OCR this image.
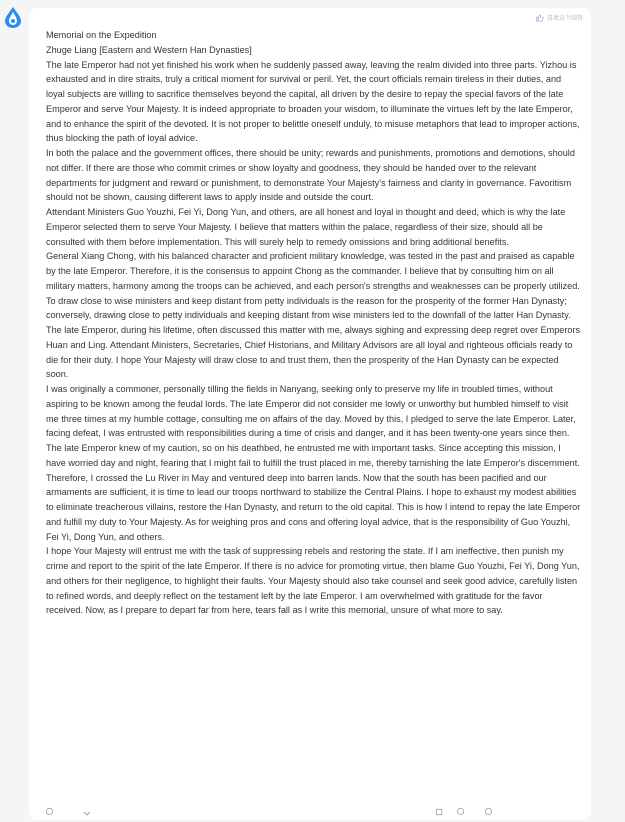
喜欢这个回答

Memorial on the Expedition

Zhuge Liang [Eastern and Western Han Dynasties]

The late Emperor had not yet finished his work when he suddenly passed away, leaving the realm divided into three parts. Yizhou is exhausted and in dire straits, truly a critical moment for survival or peril. Yet, the court officials remain tireless in their duties, and loyal subjects are willing to sacrifice themselves beyond the capital, all driven by the desire to repay the special favors of the late Emperor and serve Your Majesty. It is indeed appropriate to broaden your wisdom, to illuminate the virtues left by the late Emperor, and to enhance the spirit of the devoted. It is not proper to belittle oneself unduly, to misuse metaphors that lead to improper actions, thus blocking the path of loyal advice.

In both the palace and the government offices, there should be unity; rewards and punishments, promotions and demotions, should not differ. If there are those who commit crimes or show loyalty and goodness, they should be handed over to the relevant departments for judgment and reward or punishment, to demonstrate Your Majesty's fairness and clarity in governance. Favoritism should not be shown, causing different laws to apply inside and outside the court.

Attendant Ministers Guo Youzhi, Fei Yi, Dong Yun, and others, are all honest and loyal in thought and deed, which is why the late Emperor selected them to serve Your Majesty. I believe that matters within the palace, regardless of their size, should all be consulted with them before implementation. This will surely help to remedy omissions and bring additional benefits.

General Xiang Chong, with his balanced character and proficient military knowledge, was tested in the past and praised as capable by the late Emperor. Therefore, it is the consensus to appoint Chong as the commander. I believe that by consulting him on all military matters, harmony among the troops can be achieved, and each person's strengths and weaknesses can be properly utilized.

To draw close to wise ministers and keep distant from petty individuals is the reason for the prosperity of the former Han Dynasty; conversely, drawing close to petty individuals and keeping distant from wise ministers led to the downfall of the latter Han Dynasty. The late Emperor, during his lifetime, often discussed this matter with me, always sighing and expressing deep regret over Emperors Huan and Ling. Attendant Ministers, Secretaries, Chief Historians, and Military Advisors are all loyal and righteous officials ready to die for their duty. I hope Your Majesty will draw close to and trust them, then the prosperity of the Han Dynasty can be expected soon.

I was originally a commoner, personally tilling the fields in Nanyang, seeking only to preserve my life in troubled times, without aspiring to be known among the feudal lords. The late Emperor did not consider me lowly or unworthy but humbled himself to visit me three times at my humble cottage, consulting me on affairs of the day. Moved by this, I pledged to serve the late Emperor. Later, facing defeat, I was entrusted with responsibilities during a time of crisis and danger, and it has been twenty-one years since then.

The late Emperor knew of my caution, so on his deathbed, he entrusted me with important tasks. Since accepting this mission, I have worried day and night, fearing that I might fail to fulfill the trust placed in me, thereby tarnishing the late Emperor's discernment. Therefore, I crossed the Lu River in May and ventured deep into barren lands. Now that the south has been pacified and our armaments are sufficient, it is time to lead our troops northward to stabilize the Central Plains. I hope to exhaust my modest abilities to eliminate treacherous villains, restore the Han Dynasty, and return to the old capital. This is how I intend to repay the late Emperor and fulfill my duty to Your Majesty. As for weighing pros and cons and offering loyal advice, that is the responsibility of Guo Youzhi, Fei Yi, Dong Yun, and others.

I hope Your Majesty will entrust me with the task of suppressing rebels and restoring the state. If I am ineffective, then punish my crime and report to the spirit of the late Emperor. If there is no advice for promoting virtue, then blame Guo Youzhi, Fei Yi, Dong Yun, and others for their negligence, to highlight their faults. Your Majesty should also take counsel and seek good advice, carefully listen to refined words, and deeply reflect on the testament left by the late Emperor. I am overwhelmed with gratitude for the favor received. Now, as I prepare to depart far from here, tears fall as I write this memorial, unsure of what more to say.
